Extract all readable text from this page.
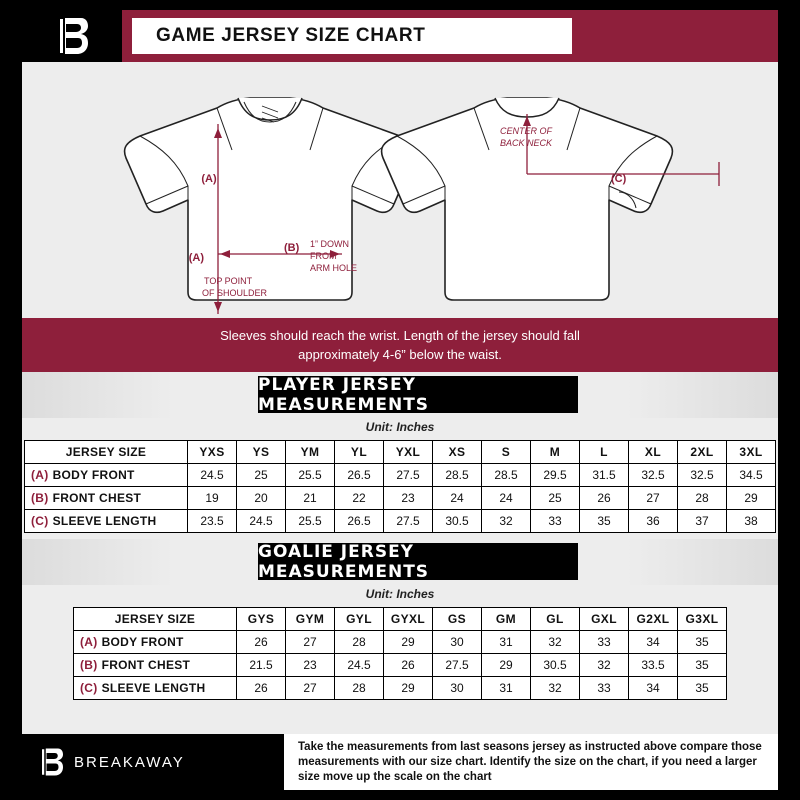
GAME JERSEY SIZE CHART
(A)
(A)
TOP POINT
OF SHOULDER
(B) 1” DOWN
FROM
ARM HOLE
CENTER OF
BACK NECK
(C)
Sleeves should reach the wrist. Length of the jersey should fall
approximately 4-6” below the waist.
PLAYER JERSEY MEASUREMENTS
Unit: Inches
JERSEY SIZE	YXS	YS	YM	YL	YXL	XS	S	M	L	XL	2XL	3XL
(A) BODY FRONT	24.5	25	25.5	26.5	27.5	28.5	28.5	29.5	31.5	32.5	32.5	34.5
(B) FRONT CHEST	19	20	21	22	23	24	24	25	26	27	28	29
(C) SLEEVE LENGTH	23.5	24.5	25.5	26.5	27.5	30.5	32	33	35	36	37	38
GOALIE JERSEY MEASUREMENTS
Unit: Inches
JERSEY SIZE	GYS	GYM	GYL	GYXL	GS	GM	GL	GXL	G2XL	G3XL
(A) BODY FRONT	26	27	28	29	30	31	32	33	34	35
(B) FRONT CHEST	21.5	23	24.5	26	27.5	29	30.5	32	33.5	35
(C) SLEEVE LENGTH	26	27	28	29	30	31	32	33	34	35
BREAKAWAY
Take the measurements from last seasons jersey as instructed above compare those measurements with our size chart. Identify the size on the chart, if you need a larger size move up the scale on the chart
